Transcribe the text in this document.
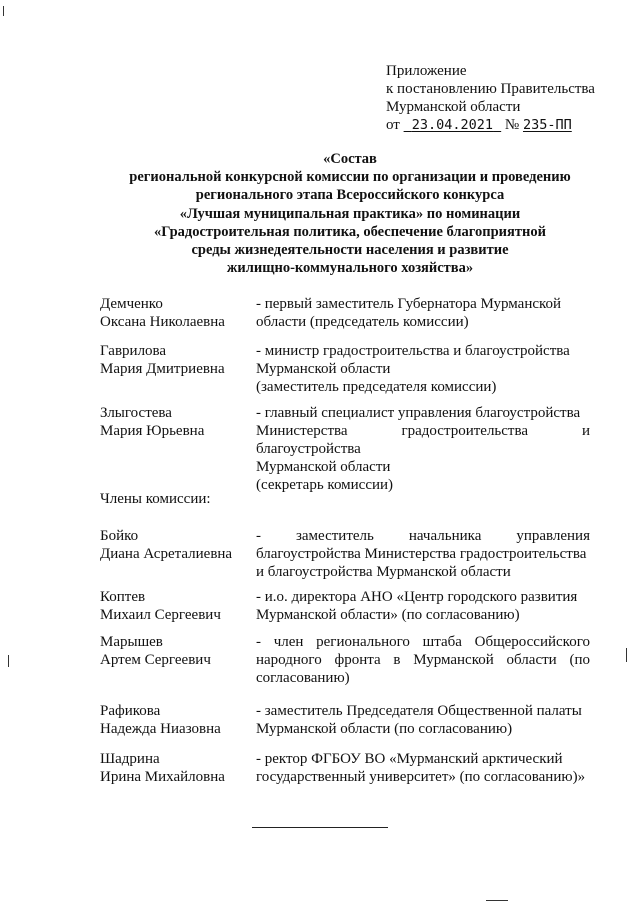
Приложение
к постановлению Правительства
Мурманской области
от 23.04.2021 № 235-ПП
«Состав
региональной конкурсной комиссии по организации и проведению
регионального этапа Всероссийского конкурса
«Лучшая муниципальная практика» по номинации
«Градостроительная политика, обеспечение благоприятной
среды жизнедеятельности населения и развитие
жилищно-коммунального хозяйства»
Демченко
Оксана Николаевна
- первый заместитель Губернатора Мурманской
области (председатель комиссии)
Гаврилова
Мария Дмитриевна
- министр градостроительства и благоустройства
Мурманской области
(заместитель председателя комиссии)
Злыгостева
Мария Юрьевна
- главный специалист управления благоустройства
Министерства градостроительства и благоустройства
Мурманской области
(секретарь комиссии)
Члены комиссии:
Бойко
Диана Асреталиевна
- заместитель начальника управления
благоустройства Министерства градостроительства
и благоустройства Мурманской области
Коптев
Михаил Сергеевич
- и.о. директора АНО «Центр городского развития
Мурманской области» (по согласованию)
Марышев
Артем Сергеевич
- член регионального штаба Общероссийского
народного фронта в Мурманской области (по
согласованию)
Рафикова
Надежда Ниазовна
- заместитель Председателя Общественной палаты
Мурманской области (по согласованию)
Шадрина
Ирина Михайловна
- ректор ФГБОУ ВО «Мурманский арктический
государственный университет» (по согласованию)»
